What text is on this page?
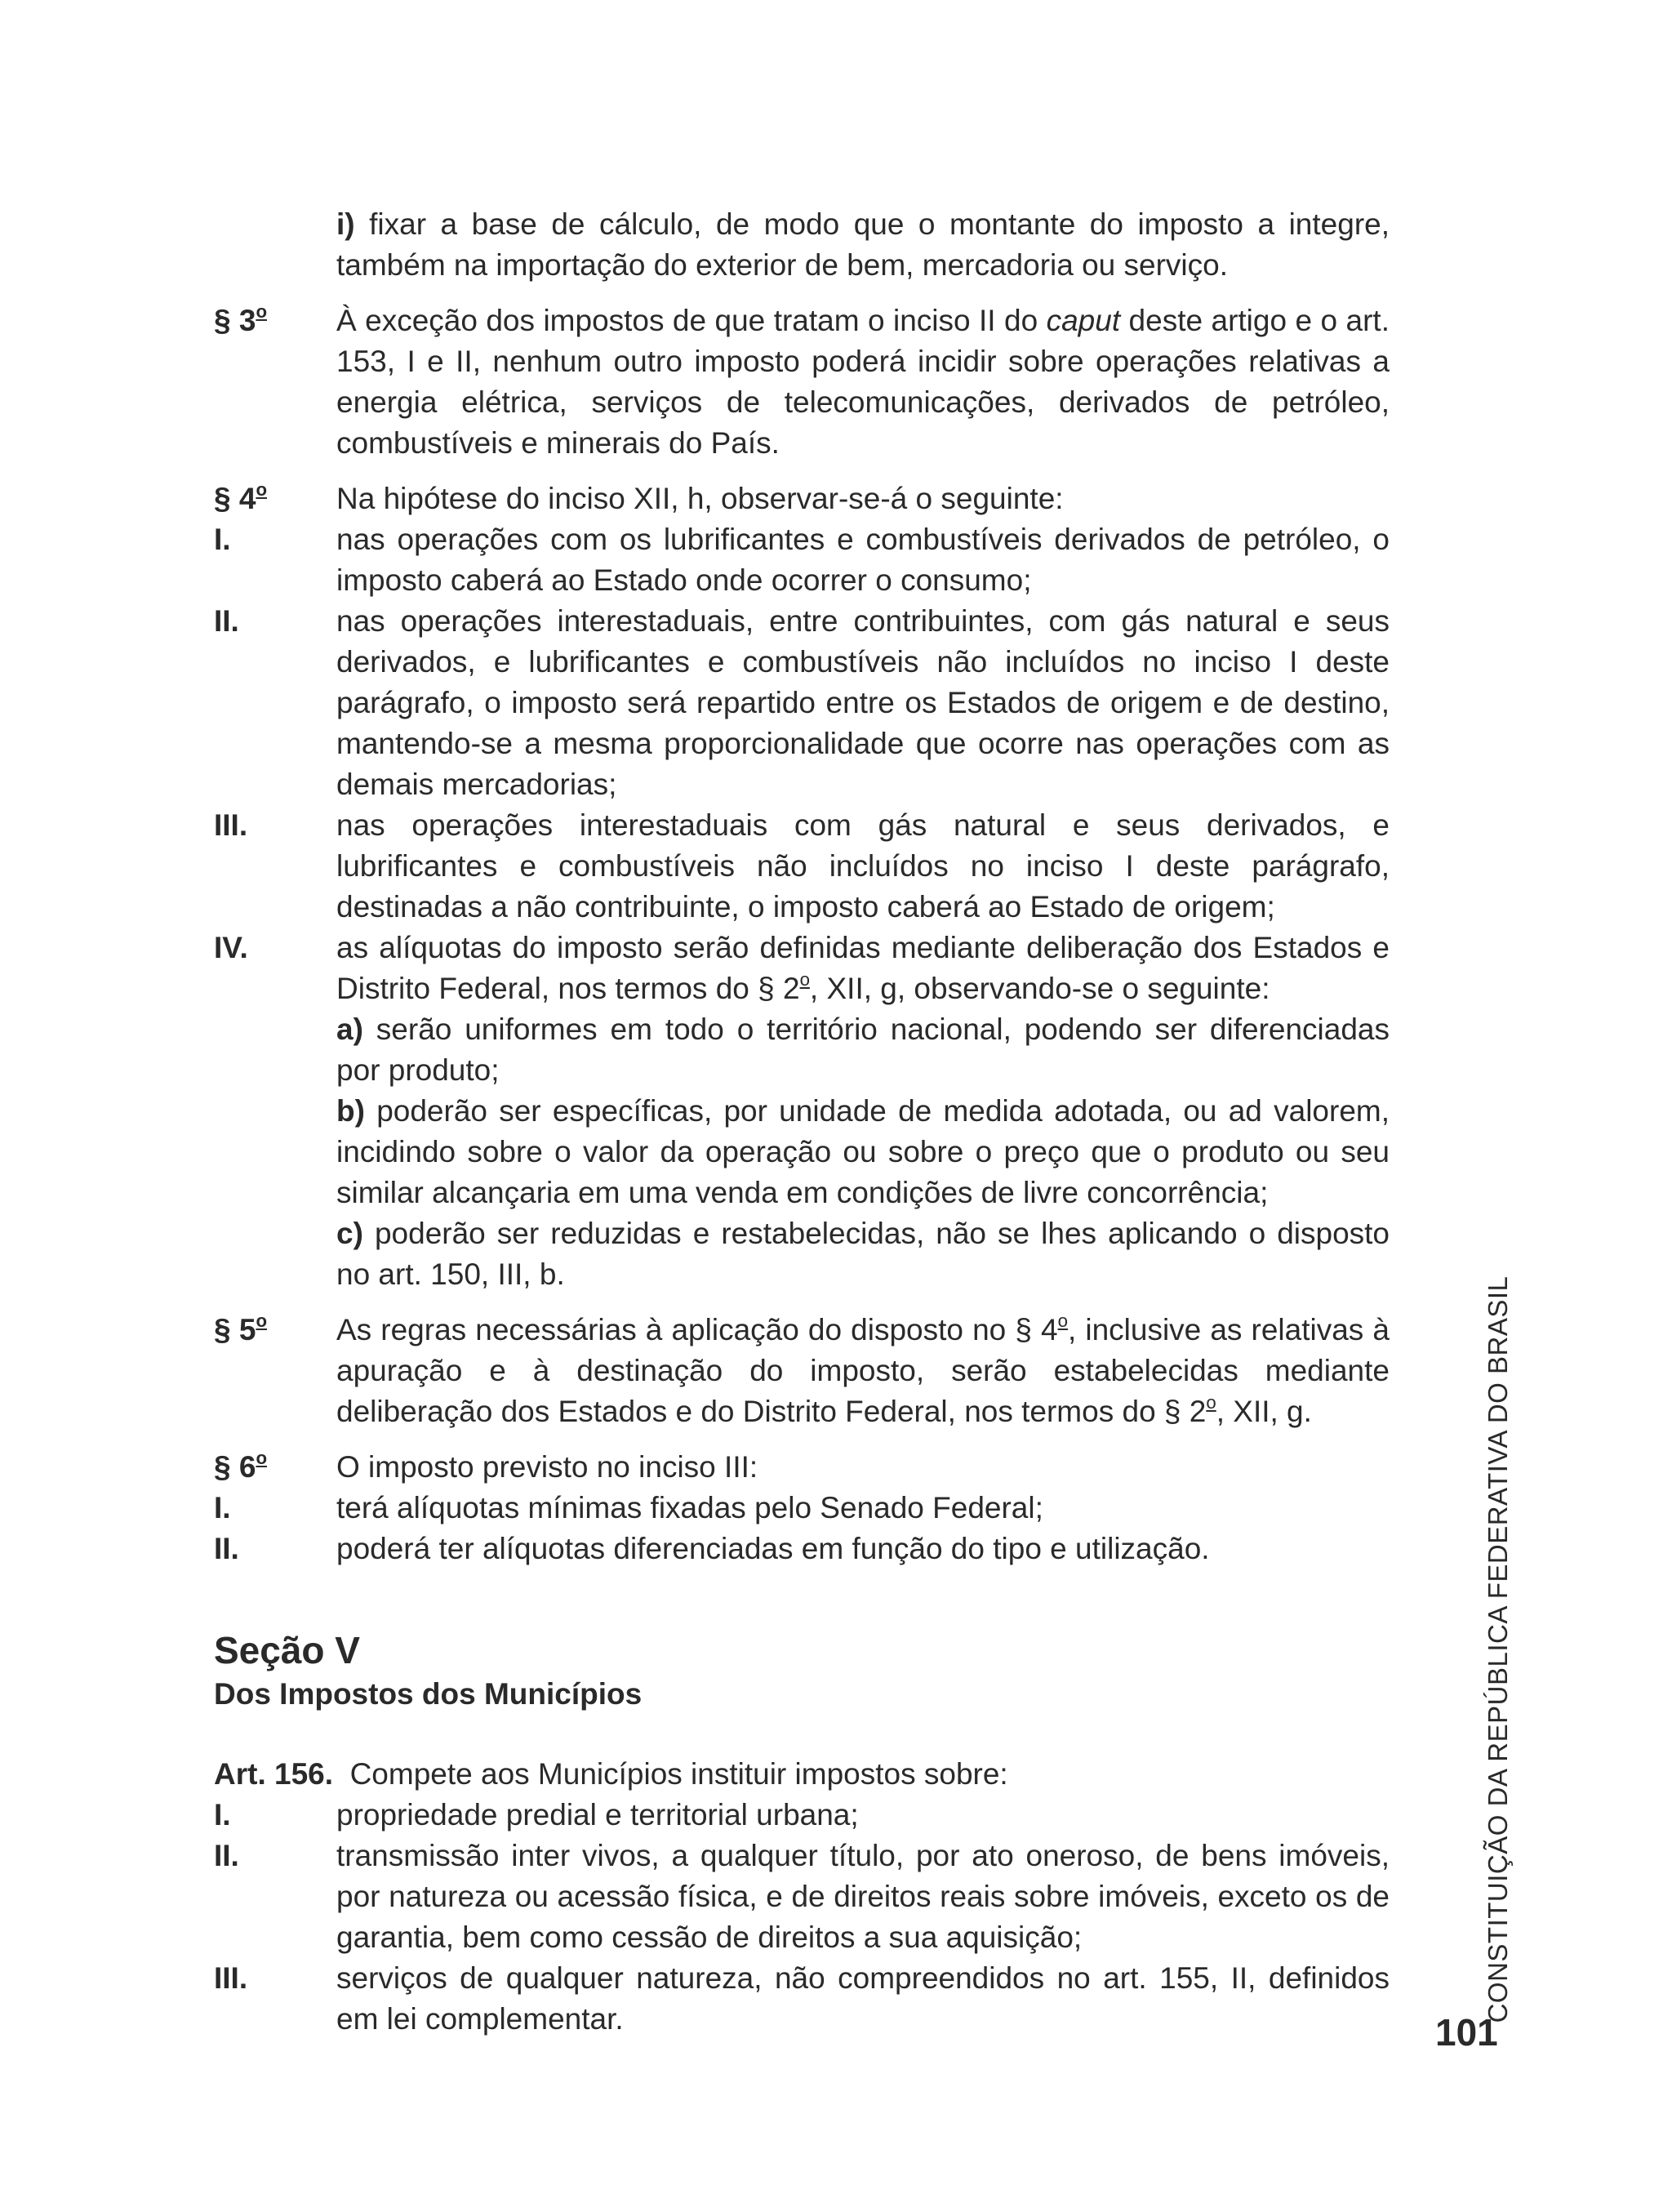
i) fixar a base de cálculo, de modo que o montante do imposto a integre, também na importação do exterior de bem, mercadoria ou serviço.
§ 3$^o$	À exceção dos impostos de que tratam o inciso II do caput deste artigo e o art. 153, I e II, nenhum outro imposto poderá incidir sobre operações relativas a energia elétrica, serviços de telecomunicações, derivados de petróleo, combustíveis e minerais do País.
§ 4$^o$	Na hipótese do inciso XII, h, observar-se-á o seguinte:
I.	nas operações com os lubrificantes e combustíveis derivados de petróleo, o imposto caberá ao Estado onde ocorrer o consumo;
II.	nas operações interestaduais, entre contribuintes, com gás natural e seus derivados, e lubrificantes e combustíveis não incluídos no inciso I deste parágrafo, o imposto será repartido entre os Estados de origem e de destino, mantendo-se a mesma proporcionalidade que ocorre nas operações com as demais mercadorias;
III.	nas operações interestaduais com gás natural e seus derivados, e lubrificantes e combustíveis não incluídos no inciso I deste parágrafo, destinadas a não contribuinte, o imposto caberá ao Estado de origem;
IV.	as alíquotas do imposto serão definidas mediante deliberação dos Estados e Distrito Federal, nos termos do § 2$^o$, XII, g, observando-se o seguinte:
a) serão uniformes em todo o território nacional, podendo ser diferenciadas por produto;
b) poderão ser específicas, por unidade de medida adotada, ou ad valorem, incidindo sobre o valor da operação ou sobre o preço que o produto ou seu similar alcançaria em uma venda em condições de livre concorrência;
c) poderão ser reduzidas e restabelecidas, não se lhes aplicando o disposto no art. 150, III, b.
§ 5$^o$	As regras necessárias à aplicação do disposto no § 4$^o$, inclusive as relativas à apuração e à destinação do imposto, serão estabelecidas mediante deliberação dos Estados e do Distrito Federal, nos termos do § 2$^o$, XII, g.
§ 6$^o$	O imposto previsto no inciso III:
I.	terá alíquotas mínimas fixadas pelo Senado Federal;
II.	poderá ter alíquotas diferenciadas em função do tipo e utilização.
Seção V
Dos Impostos dos Municípios
Art. 156. Compete aos Municípios instituir impostos sobre:
I.	propriedade predial e territorial urbana;
II.	transmissão inter vivos, a qualquer título, por ato oneroso, de bens imóveis, por natureza ou acessão física, e de direitos reais sobre imóveis, exceto os de garantia, bem como cessão de direitos a sua aquisição;
III.	serviços de qualquer natureza, não compreendidos no art. 155, II, definidos em lei complementar.	CONSTITUIÇÃO DA REPÚBLICA FEDERATIVA DO BRASIL
101
